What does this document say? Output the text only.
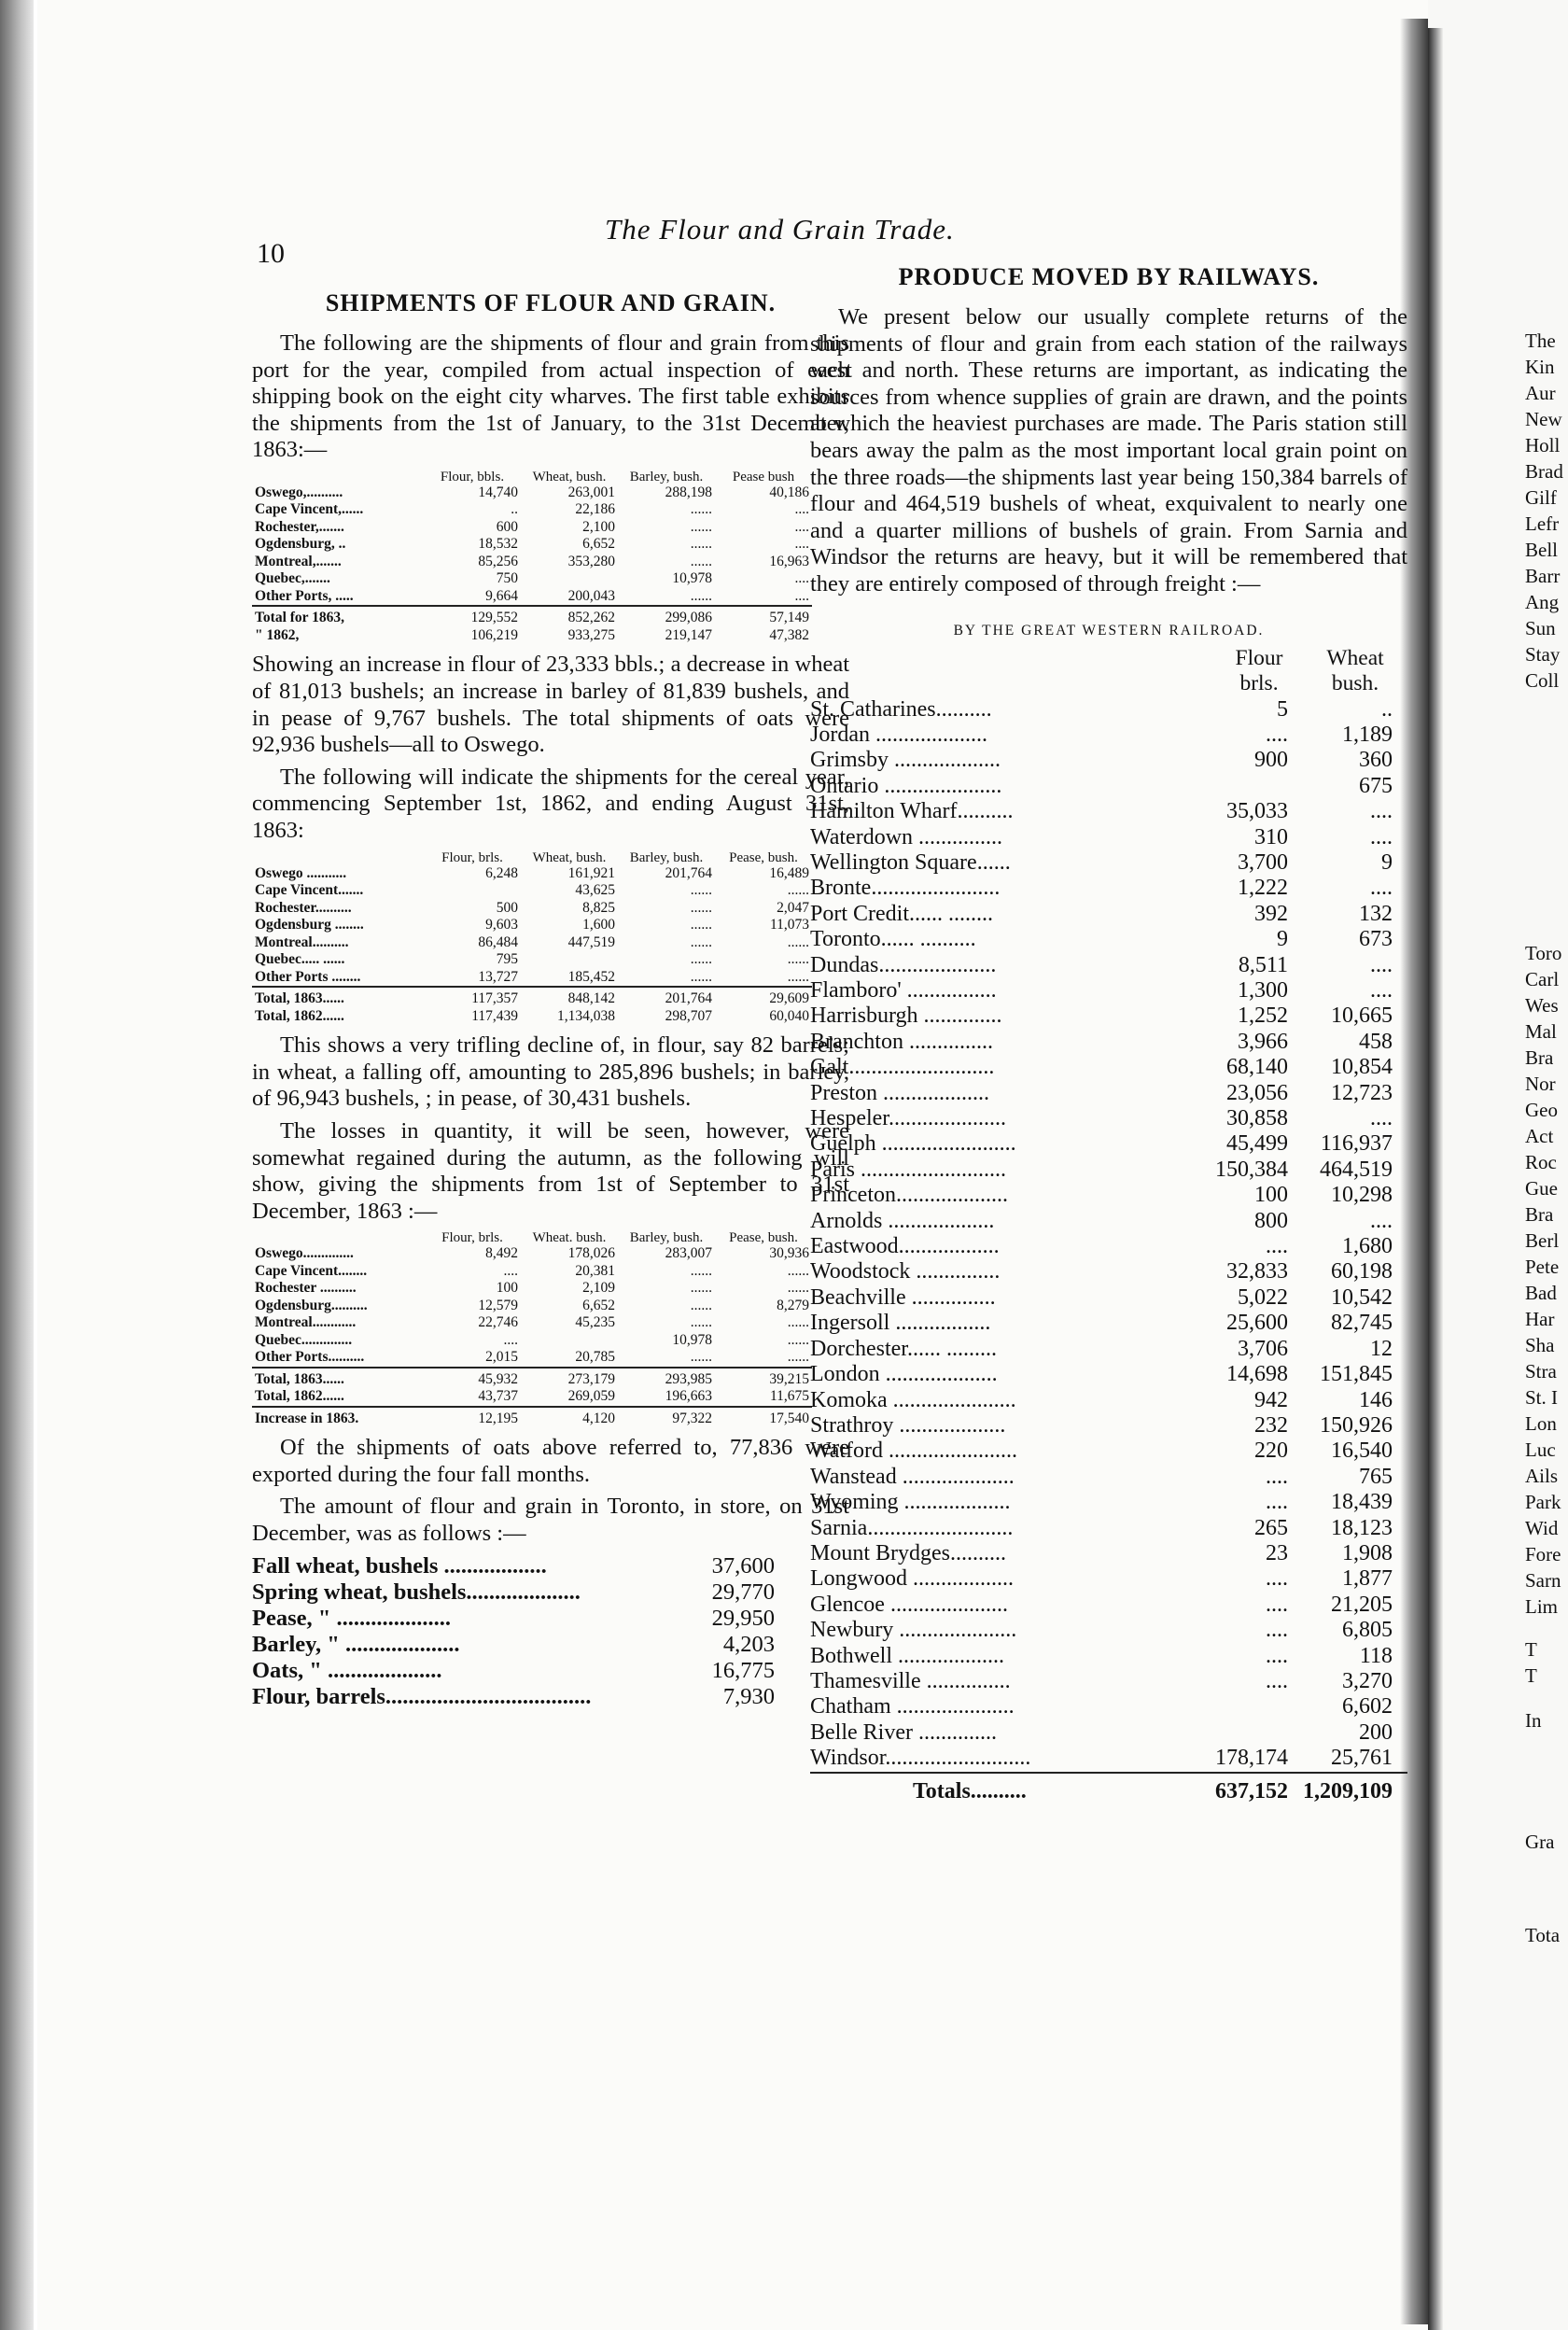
The
Kin
Aur
New
Holl
Brad
Gilf
Lefr
Bell
Barr
Ang
Sun
Stay
Coll
Toro
Carl
Wes
Mal
Bra
Nor
Geo
Act
Roc
Gue
Bra
Berl
Pete
Bad
Har
Sha
Stra
St. I
Lon
Luc
Ails
Park
Wid
Fore
Sarn
Lim
T
T
In
Gra
Tota
10
The Flour and Grain Trade.
SHIPMENTS OF FLOUR AND GRAIN.

The following are the shipments of flour and grain from this port for the year, compiled from actual inspection of each shipping book on the eight city wharves. The first table exhibits the shipments from the 1st of January, to the 31st December, 1863:—

	Flour, bbls.	Wheat, bush.	Barley, bush.	Pease bush
Oswego,..........	14,740	263,001	288,198	40,186
Cape Vincent,......	..	22,186	......	....
Rochester,.......	600	2,100	......	....
Ogdensburg, ..	18,532	6,652	......	....
Montreal,.......	85,256	353,280	......	16,963
Quebec,.......	750		10,978	....
Other Ports, .....	9,664	200,043	......	....
Total for 1863,	129,552	852,262	299,086	57,149
" 1862,	106,219	933,275	219,147	47,382

Showing an increase in flour of 23,333 bbls.; a decrease in wheat of 81,013 bushels; an increase in barley of 81,839 bushels, and in pease of 9,767 bushels. The total shipments of oats were 92,936 bushels—all to Oswego.

The following will indicate the shipments for the cereal year, commencing September 1st, 1862, and ending August 31st, 1863:

	Flour, brls.	Wheat, bush.	Barley, bush.	Pease, bush.
Oswego ...........	6,248	161,921	201,764	16,489
Cape Vincent.......		43,625	......	......
Rochester..........	500	8,825	......	2,047
Ogdensburg ........	9,603	1,600	......	11,073
Montreal..........	86,484	447,519	......	......
Quebec..... ......	795		......	......
Other Ports ........	13,727	185,452	......	......
Total, 1863......	117,357	848,142	201,764	29,609
Total, 1862......	117,439	1,134,038	298,707	60,040

This shows a very trifling decline of, in flour, say 82 barrels; in wheat, a falling off, amounting to 285,896 bushels; in barley, of 96,943 bushels, ; in pease, of 30,431 bushels.

The losses in quantity, it will be seen, however, were somewhat regained during the autumn, as the following will show, giving the shipments from 1st of September to 31st December, 1863 :—

	Flour, brls.	Wheat. bush.	Barley, bush.	Pease, bush.
Oswego..............	8,492	178,026	283,007	30,936
Cape Vincent........	....	20,381	......	......
Rochester ..........	100	2,109	......	......
Ogdensburg..........	12,579	6,652	......	8,279
Montreal............	22,746	45,235	......	......
Quebec..............	....		10,978	......
Other Ports..........	2,015	20,785	......	......
Total, 1863......	45,932	273,179	293,985	39,215
Total, 1862......	43,737	269,059	196,663	11,675
Increase in 1863.	12,195	4,120	97,322	17,540

Of the shipments of oats above referred to, 77,836 were exported during the four fall months.

The amount of flour and grain in Toronto, in store, on 31st December, was as follows :—

Fall wheat, bushels ..................	37,600
Spring wheat, bushels....................	29,770
Pease, " ....................	29,950
Barley, " ....................	4,203
Oats, " ....................	16,775
Flour, barrels....................................	7,930
PRODUCE MOVED BY RAILWAYS.

We present below our usually complete returns of the shipments of flour and grain from each station of the railways west and north. These returns are important, as indicating the sources from whence supplies of grain are drawn, and the points at which the heaviest purchases are made. The Paris station still bears away the palm as the most important local grain point on the three roads—the shipments last year being 150,384 barrels of flour and 464,519 bushels of wheat, exquivalent to nearly one and a quarter millions of bushels of grain. From Sarnia and Windsor the returns are heavy, but it will be remembered that they are entirely composed of through freight :—

BY THE GREAT WESTERN RAILROAD.
	Flour brls.	Wheat bush.
St. Catharines..........	5	..
Jordan ....................	....	1,189
Grimsby ...................	900	360
Ontario .....................		675
Hamilton Wharf..........	35,033	....
Waterdown ...............	310	....
Wellington Square......	3,700	9
Bronte.......................	1,222	....
Port Credit...... ........	392	132
Toronto...... ..........	9	673
Dundas.....................	8,511	....
Flamboro' ................	1,300	....
Harrisburgh ..............	1,252	10,665
Branchton ...............	3,966	458
Galt..........................	68,140	10,854
Preston ...................	23,056	12,723
Hespeler.....................	30,858	....
Guelph ........................	45,499	116,937
Paris ..........................	150,384	464,519
Princeton....................	100	10,298
Arnolds ...................	800	....
Eastwood..................	....	1,680
Woodstock ...............	32,833	60,198
Beachville ...............	5,022	10,542
Ingersoll .................	25,600	82,745
Dorchester...... .........	3,706	12
London ....................	14,698	151,845
Komoka ......................	942	146
Strathroy ...................	232	150,926
Watford .......................	220	16,540
Wanstead ....................	....	765
Wyoming ...................	....	18,439
Sarnia..........................	265	18,123
Mount Brydges..........	23	1,908
Longwood ..................	....	1,877
Glencoe .....................	....	21,205
Newbury .....................	....	6,805
Bothwell ...................	....	118
Thamesville ...............	....	3,270
Chatham .....................		6,602
Belle River ..............		200
Windsor..........................	178,174	25,761
Totals..........	637,152	1,209,109
